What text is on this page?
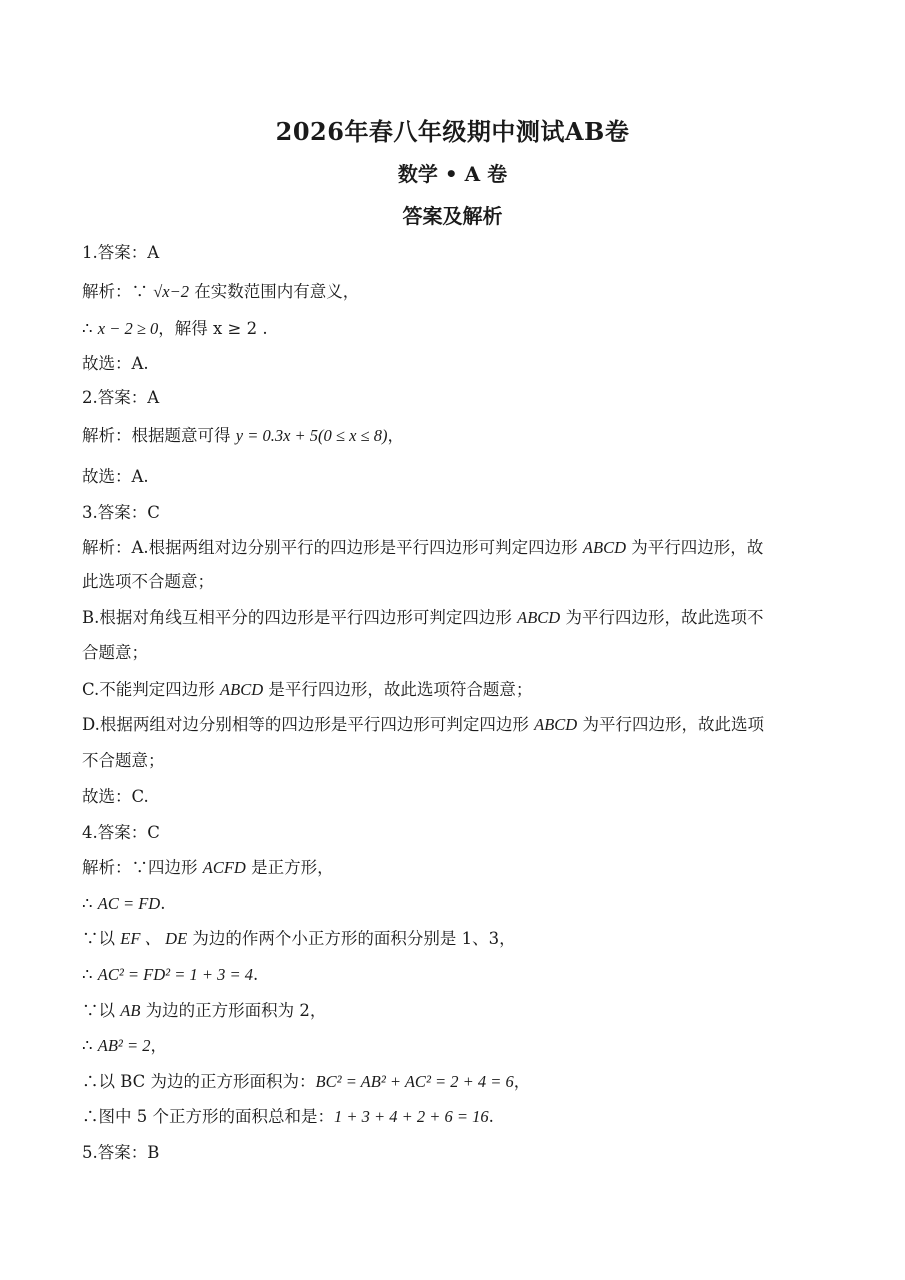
2026年春八年级期中测试AB卷
数学 • A 卷
答案及解析
1.答案：A
解析：∵ √x−2 在实数范围内有意义，
∴ x − 2 ≥ 0，解得 x ≥ 2 .
故选：A.
2.答案：A
解析：根据题意可得 y = 0.3x + 5(0 ≤ x ≤ 8)，
故选：A.
3.答案：C
解析：A.根据两组对边分别平行的四边形是平行四边形可判定四边形 ABCD 为平行四边形，故
此选项不合题意；
B.根据对角线互相平分的四边形是平行四边形可判定四边形 ABCD 为平行四边形，故此选项不
合题意；
C.不能判定四边形 ABCD 是平行四边形，故此选项符合题意；
D.根据两组对边分别相等的四边形是平行四边形可判定四边形 ABCD 为平行四边形，故此选项
不合题意；
故选：C.
4.答案：C
解析：∵四边形 ACFD 是正方形，
∴ AC = FD.
∵以 EF 、 DE 为边的作两个小正方形的面积分别是 1、3，
∴ AC² = FD² = 1 + 3 = 4.
∵以 AB 为边的正方形面积为 2，
∴ AB² = 2，
∴以 BC 为边的正方形面积为：BC² = AB² + AC² = 2 + 4 = 6，
∴图中 5 个正方形的面积总和是：1 + 3 + 4 + 2 + 6 = 16.
5.答案：B
